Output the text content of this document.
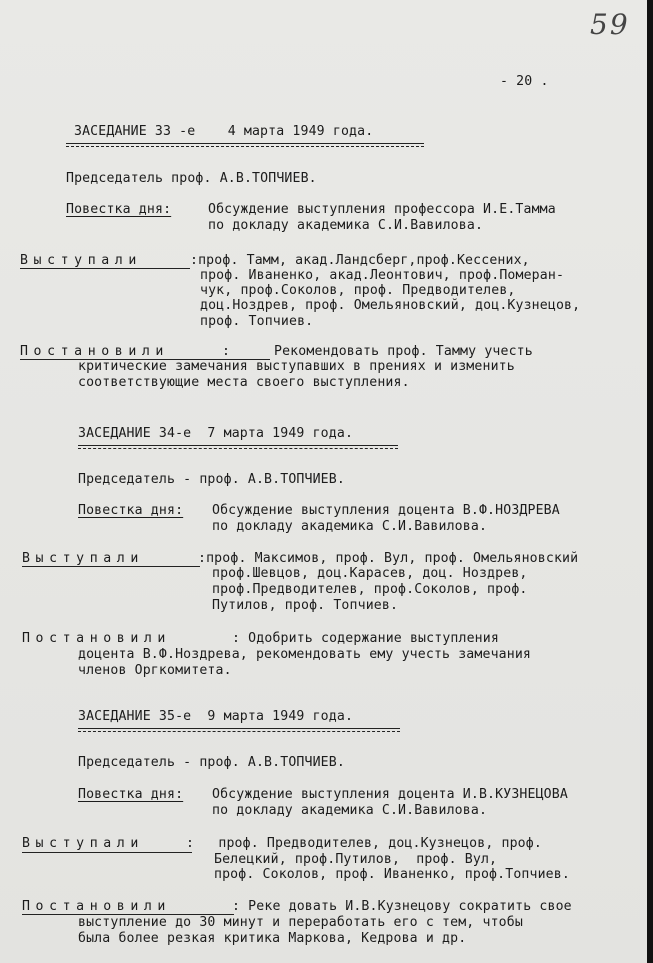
59
- 20 .
ЗАСЕДАНИЕ 33 -е    4 марта 1949 года.
Председатель проф. А.В.ТОПЧИЕВ.
Повестка дня:	Обсуждение выступления профессора И.Е.Тамма
по докладу академика С.И.Вавилова.
Выступали	:проф. Тамм, акад.Ландсберг,проф.Кессених,
проф. Иваненко, акад.Леонтович, проф.Померан-
чук, проф.Соколов, проф. Предводителев,
доц.Ноздрев, проф. Омельяновский, доц.Кузнецов,
проф. Топчиев.
Постановили	:	Рекомендовать проф. Тамму учесть
критические замечания выступавших в прениях и изменить
соответствующие места своего выступления.
ЗАСЕДАНИЕ 34-е  7 марта 1949 года.
Председатель - проф. А.В.ТОПЧИЕВ.
Повестка дня: Обсуждение выступления доцента В.Ф.НОЗДРЕВА
по докладу академика С.И.Вавилова.
Выступали	:проф. Максимов, проф. Вул, проф. Омельяновский
проф.Шевцов, доц.Карасев, доц. Ноздрев,
проф.Предводителев, проф.Соколов, проф.
Путилов, проф. Топчиев.
Постановили	: Одобрить содержание выступления
доцента В.Ф.Ноздрева, рекомендовать ему учесть замечания
членов Оргкомитета.
ЗАСЕДАНИЕ 35-е  9 марта 1949 года.
Председатель - проф. А.В.ТОПЧИЕВ.
Повестка дня: Обсуждение выступления доцента И.В.КУЗНЕЦОВА
по докладу академика С.И.Вавилова.
Выступали	:   проф. Предводителев, доц.Кузнецов, проф.
Белецкий, проф.Путилов,  проф. Вул,
проф. Соколов, проф. Иваненко, проф.Топчиев.
Постановили	: Реке довать И.В.Кузнецову сократить свое
выступление до 30 минут и переработать его с тем, чтобы
была более резкая критика Маркова, Кедрова и др.
